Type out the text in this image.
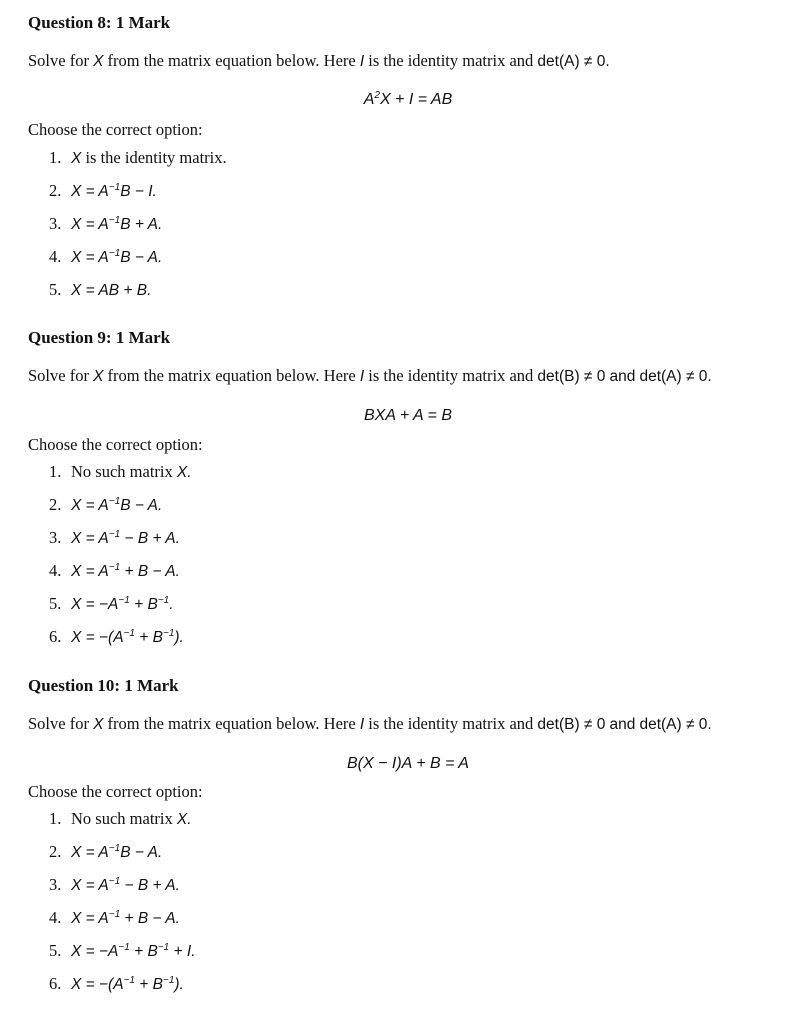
Question 8: 1 Mark
Solve for X from the matrix equation below. Here I is the identity matrix and det(A) ≠ 0.
$A^2X + I$ = AB
Choose the correct option:
1. X is the identity matrix.
2. $X = A^{-1}B - I$.
3. $X = A^{-1}B + A$.
4. $X = A^{-1}B - A$.
5. X = AB + B.
Question 9: 1 Mark
Solve for X from the matrix equation below. Here I is the identity matrix and det(B) ≠ 0 and det(A) ≠ 0.
BXA + A = B
Choose the correct option:
1. No such matrix X.
2. $X = A^{-1}B - A$.
3. $X = A^{-1} - B + A$.
4. $X = A^{-1} + B - A$.
5. $X = -A^{-1} + B^{-1}$.
6. $X = -(A^{-1} + B^{-1})$.
Question 10: 1 Mark
Solve for X from the matrix equation below. Here I is the identity matrix and det(B) ≠ 0 and det(A) ≠ 0.
B(X − I)A + B = A
Choose the correct option:
1. No such matrix X.
2. $X = A^{-1}B - A$.
3. $X = A^{-1} - B + A$.
4. $X = A^{-1} + B - A$.
5. $X = -A^{-1} + B^{-1} + I$.
6. $X = -(A^{-1} + B^{-1})$.
